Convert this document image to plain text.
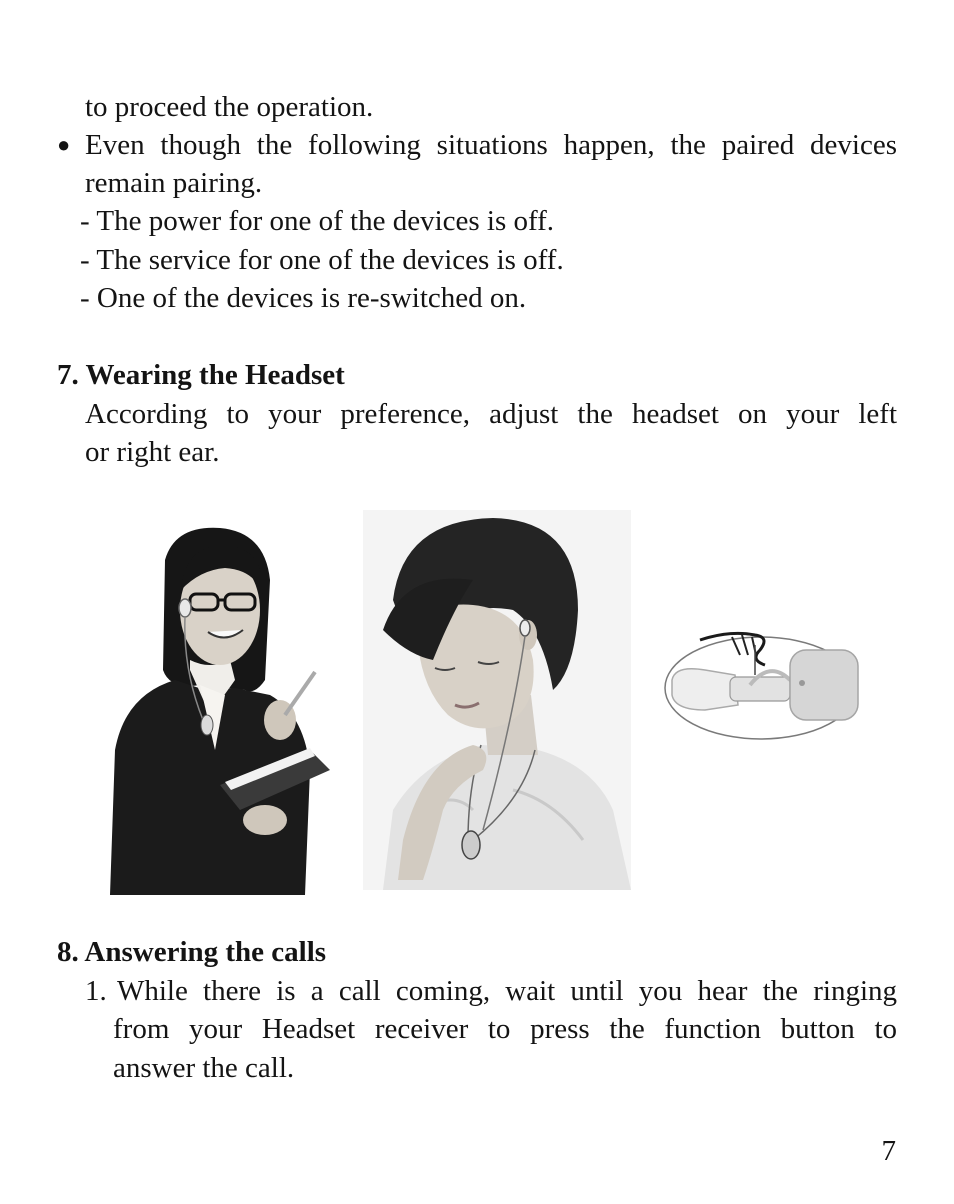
to proceed the operation.
● Even though the following situations happen, the paired devices
remain pairing.
- The power for one of the devices is off.
- The service for one of the devices is off.
- One of the devices is re-switched on.
7. Wearing the Headset
According to your preference, adjust the headset on your left
or right ear.
8. Answering the calls
1. While there is a call coming, wait until you hear the ringing
from your Headset receiver to press the function button to
answer the call.
7
